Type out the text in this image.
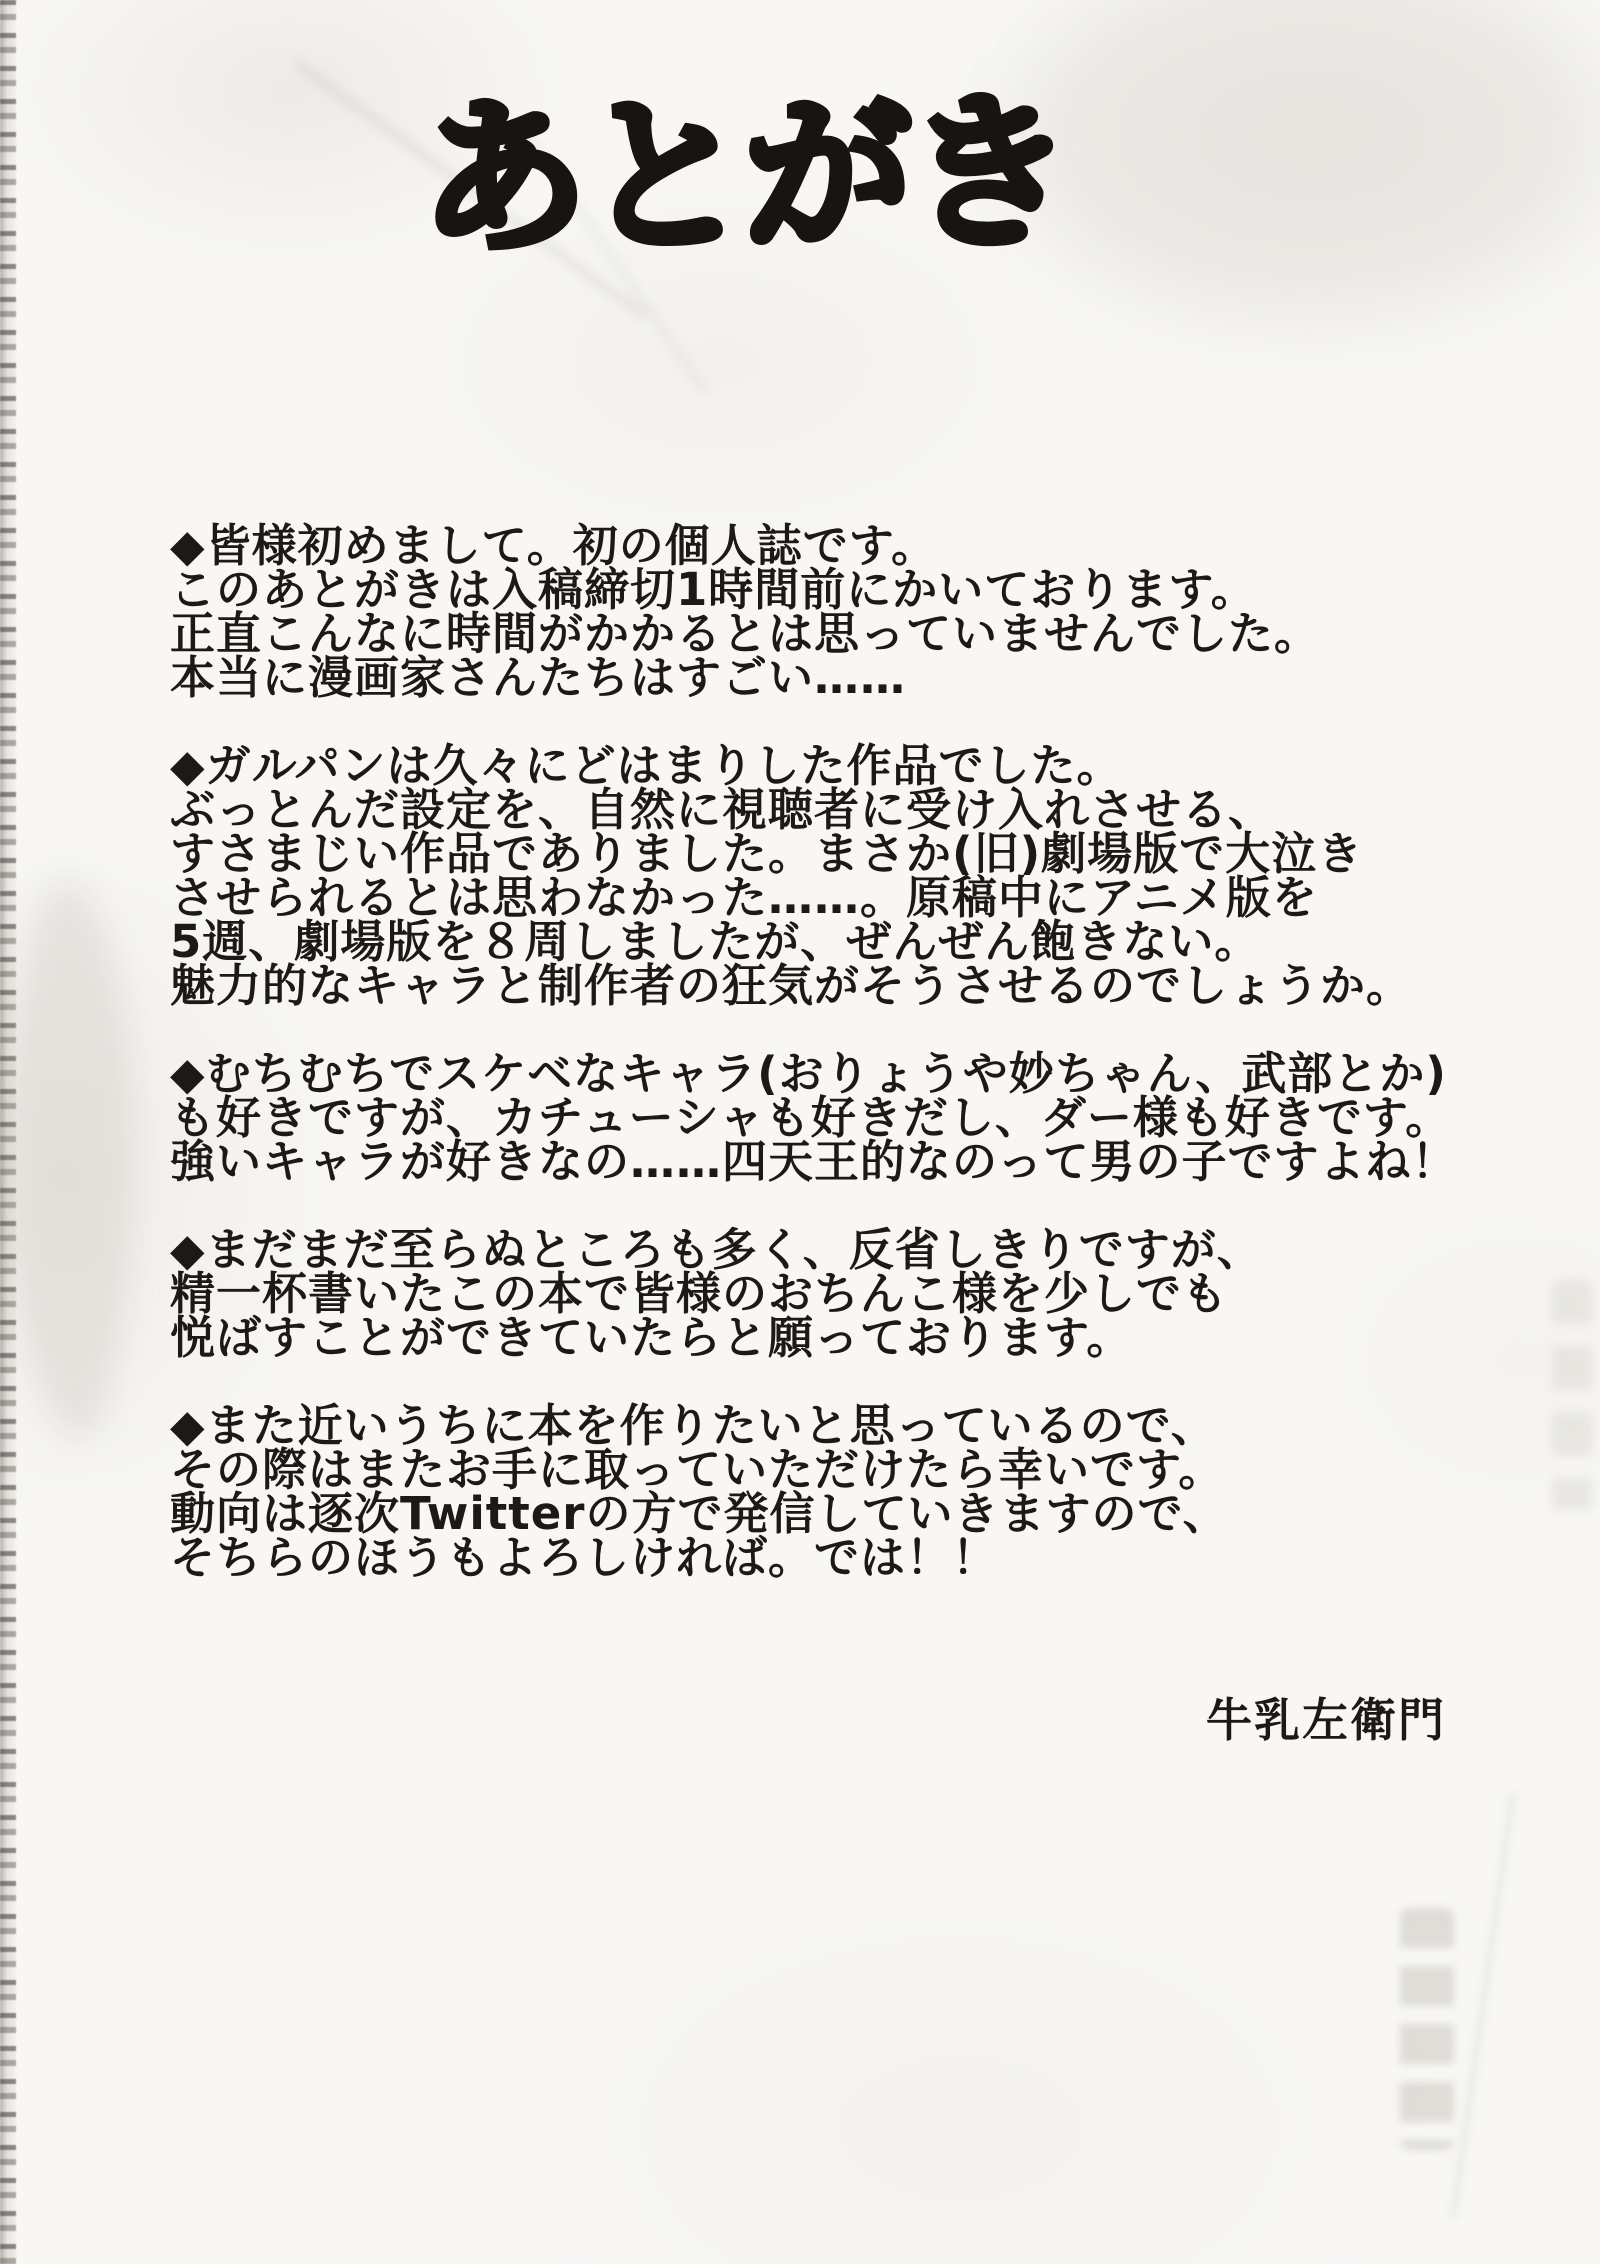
あとがき

◆皆様初めまして。初の個人誌です。
このあとがきは入稿締切1時間前にかいております。
正直こんなに時間がかかるとは思っていませんでした。
本当に漫画家さんたちはすごい……

◆ガルパンは久々にどはまりした作品でした。
ぶっとんだ設定を、自然に視聴者に受け入れさせる、
すさまじい作品でありました。まさか(旧)劇場版で大泣き
させられるとは思わなかった……。原稿中にアニメ版を
5週、劇場版を８周しましたが、ぜんぜん飽きない。
魅力的なキャラと制作者の狂気がそうさせるのでしょうか。

◆むちむちでスケベなキャラ(おりょうや妙ちゃん、武部とか)
も好きですが、カチューシャも好きだし、ダー様も好きです。
強いキャラが好きなの……四天王的なのって男の子ですよね！

◆まだまだ至らぬところも多く、反省しきりですが、
精一杯書いたこの本で皆様のおちんこ様を少しでも
悦ばすことができていたらと願っております。

◆また近いうちに本を作りたいと思っているので、
その際はまたお手に取っていただけたら幸いです。
動向は逐次Twitterの方で発信していきますので、
そちらのほうもよろしければ。では！！

牛乳左衛門
